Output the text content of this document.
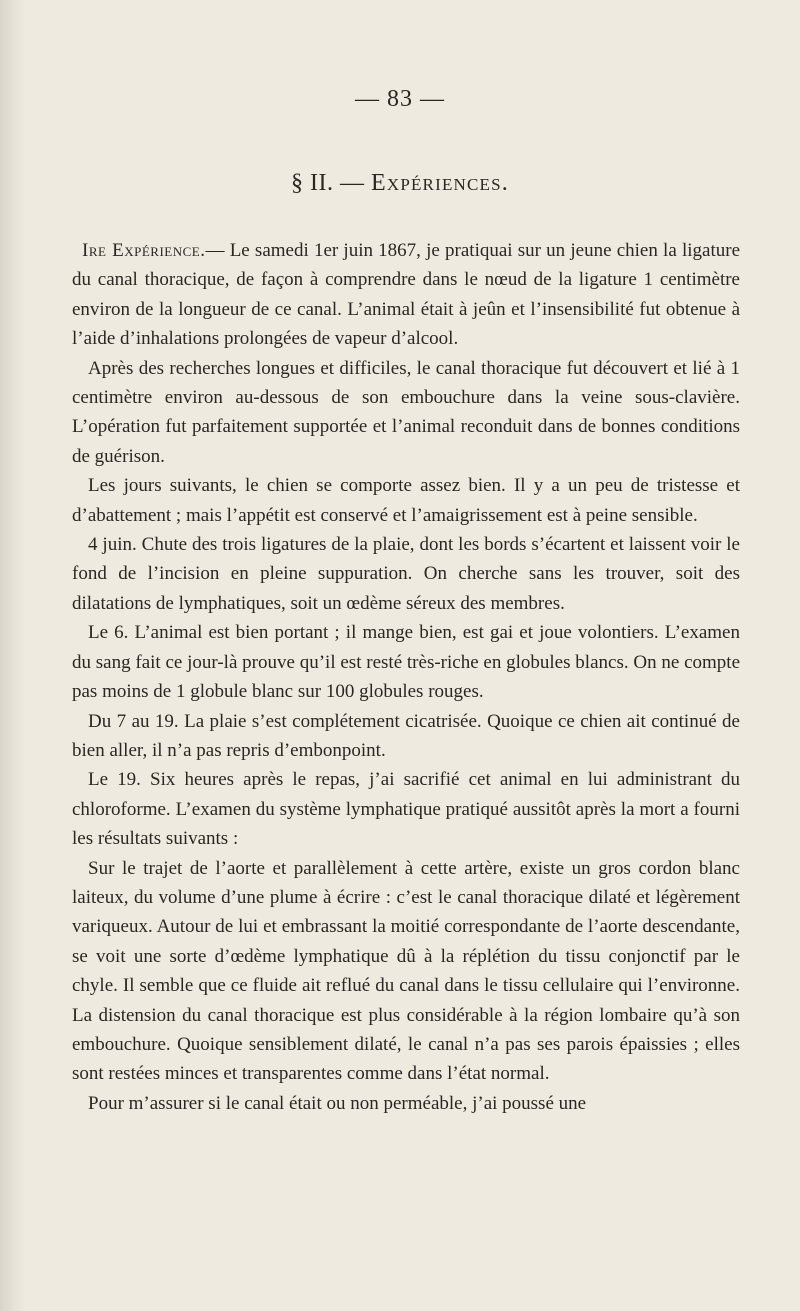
— 83 —
§ II. — Expériences.

Ire Expérience.— Le samedi 1er juin 1867, je pratiquai sur un jeune chien la ligature du canal thoracique, de façon à comprendre dans le nœud de la ligature 1 centimètre environ de la longueur de ce canal. L’animal était à jeûn et l’insensibilité fut obtenue à l’aide d’inhalations prolongées de vapeur d’alcool.

Après des recherches longues et difficiles, le canal thoracique fut découvert et lié à 1 centimètre environ au-dessous de son embouchure dans la veine sous-clavière. L’opération fut parfaitement supportée et l’animal reconduit dans de bonnes conditions de guérison.

Les jours suivants, le chien se comporte assez bien. Il y a un peu de tristesse et d’abattement ; mais l’appétit est conservé et l’amaigrissement est à peine sensible.

4 juin. Chute des trois ligatures de la plaie, dont les bords s’écartent et laissent voir le fond de l’incision en pleine suppuration. On cherche sans les trouver, soit des dilatations de lymphatiques, soit un œdème séreux des membres.

Le 6. L’animal est bien portant ; il mange bien, est gai et joue volontiers. L’examen du sang fait ce jour-là prouve qu’il est resté très-riche en globules blancs. On ne compte pas moins de 1 globule blanc sur 100 globules rouges.

Du 7 au 19. La plaie s’est complétement cicatrisée. Quoique ce chien ait continué de bien aller, il n’a pas repris d’embonpoint.

Le 19. Six heures après le repas, j’ai sacrifié cet animal en lui administrant du chloroforme. L’examen du système lymphatique pratiqué aussitôt après la mort a fourni les résultats suivants :

Sur le trajet de l’aorte et parallèlement à cette artère, existe un gros cordon blanc laiteux, du volume d’une plume à écrire : c’est le canal thoracique dilaté et légèrement variqueux. Autour de lui et embrassant la moitié correspondante de l’aorte descendante, se voit une sorte d’œdème lymphatique dû à la réplétion du tissu conjonctif par le chyle. Il semble que ce fluide ait reflué du canal dans le tissu cellulaire qui l’environne. La distension du canal thoracique est plus considérable à la région lombaire qu’à son embouchure. Quoique sensiblement dilaté, le canal n’a pas ses parois épaissies ; elles sont restées minces et transparentes comme dans l’état normal.

Pour m’assurer si le canal était ou non perméable, j’ai poussé une
